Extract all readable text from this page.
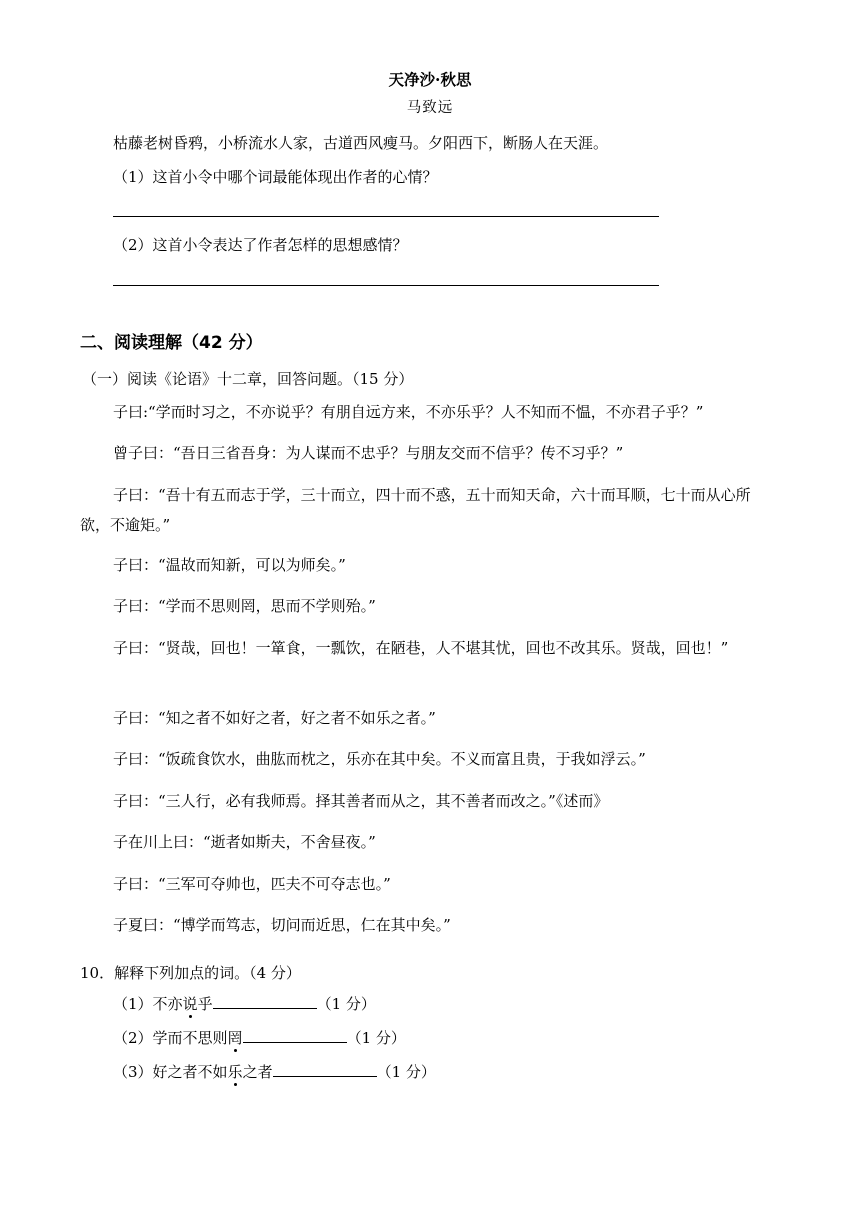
天净沙·秋思
马致远
枯藤老树昏鸦，小桥流水人家，古道西风瘦马。夕阳西下，断肠人在天涯。
（1）这首小令中哪个词最能体现出作者的心情？
（2）这首小令表达了作者怎样的思想感情？
二、阅读理解（42 分）
（一）阅读《论语》十二章，回答问题。（15 分）
子曰:“学而时习之，不亦说乎？有朋自远方来，不亦乐乎？人不知而不愠，不亦君子乎？”
曾子曰：“吾日三省吾身：为人谋而不忠乎？与朋友交而不信乎？传不习乎？”
子曰：“吾十有五而志于学，三十而立，四十而不惑，五十而知天命，六十而耳顺，七十而从心所欲，不逾矩。”
子曰：“温故而知新，可以为师矣。”
子曰：“学而不思则罔，思而不学则殆。”
子曰：“贤哉，回也！一箪食，一瓢饮，在陋巷，人不堪其忧，回也不改其乐。贤哉，回也！”
子曰：“知之者不如好之者，好之者不如乐之者。”
子曰：“饭疏食饮水，曲肱而枕之，乐亦在其中矣。不义而富且贵，于我如浮云。”
子曰：“三人行，必有我师焉。择其善者而从之，其不善者而改之。”《述而》
子在川上曰：“逝者如斯夫，不舍昼夜。”
子曰：“三军可夺帅也，匹夫不可夺志也。”
子夏曰：“博学而笃志，切问而近思，仁在其中矣。”
10．解释下列加点的词。（4 分）
（1）不亦说乎	（1 分）
（2）学而不思则罔	（1 分）
（3）好之者不如乐之者	（1 分）
